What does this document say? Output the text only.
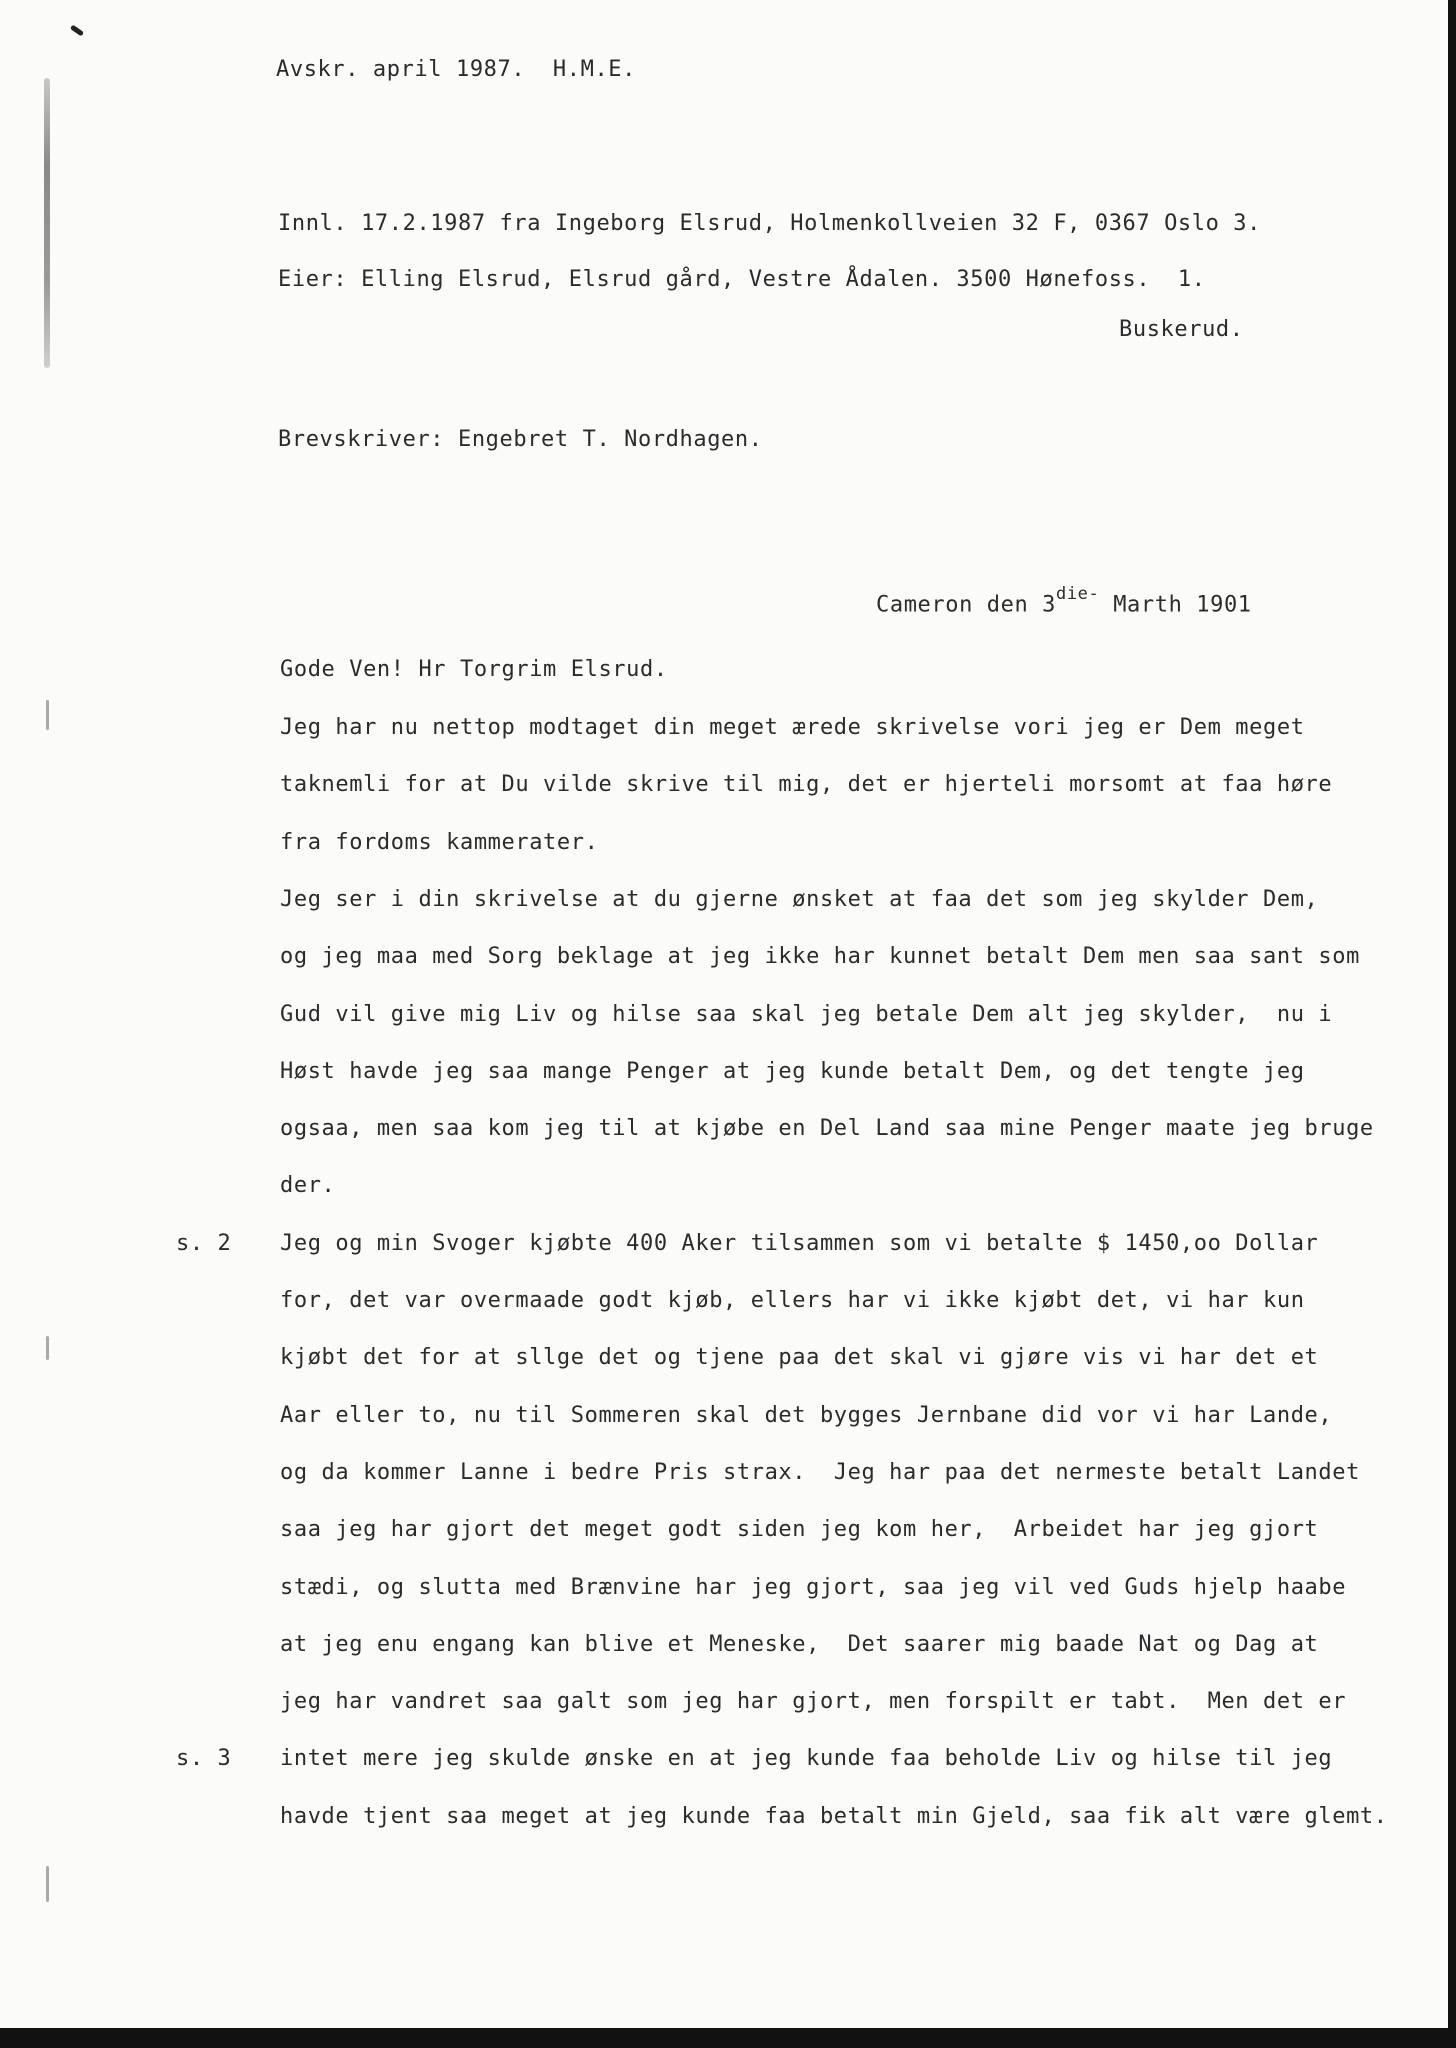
Avskr. april 1987.  H.M.E.
Innl. 17.2.1987 fra Ingeborg Elsrud, Holmenkollveien 32 F, 0367 Oslo 3.
Eier: Elling Elsrud, Elsrud gård, Vestre Ådalen. 3500 Hønefoss.  1.
Buskerud.
Brevskriver: Engebret T. Nordhagen.
Cameron den $3^{die-}$ Marth 1901
Gode Ven! Hr Torgrim Elsrud.
Jeg har nu nettop modtaget din meget ærede skrivelse vori jeg er Dem meget
taknemli for at Du vilde skrive til mig, det er hjerteli morsomt at faa høre
fra fordoms kammerater.
Jeg ser i din skrivelse at du gjerne ønsket at faa det som jeg skylder Dem,
og jeg maa med Sorg beklage at jeg ikke har kunnet betalt Dem men saa sant som
Gud vil give mig Liv og hilse saa skal jeg betale Dem alt jeg skylder,  nu i
Høst havde jeg saa mange Penger at jeg kunde betalt Dem, og det tengte jeg
ogsaa, men saa kom jeg til at kjøbe en Del Land saa mine Penger maate jeg bruge
der.
Jeg og min Svoger kjøbte 400 Aker tilsammen som vi betalte $ 1450,oo Dollar
for, det var overmaade godt kjøb, ellers har vi ikke kjøbt det, vi har kun
kjøbt det for at sllge det og tjene paa det skal vi gjøre vis vi har det et
Aar eller to, nu til Sommeren skal det bygges Jernbane did vor vi har Lande,
og da kommer Lanne i bedre Pris strax.  Jeg har paa det nermeste betalt Landet
saa jeg har gjort det meget godt siden jeg kom her,  Arbeidet har jeg gjort
stædi, og slutta med Brænvine har jeg gjort, saa jeg vil ved Guds hjelp haabe
at jeg enu engang kan blive et Meneske,  Det saarer mig baade Nat og Dag at
jeg har vandret saa galt som jeg har gjort, men forspilt er tabt.  Men det er
intet mere jeg skulde ønske en at jeg kunde faa beholde Liv og hilse til jeg
havde tjent saa meget at jeg kunde faa betalt min Gjeld, saa fik alt være glemt.
s. 2
s. 3
